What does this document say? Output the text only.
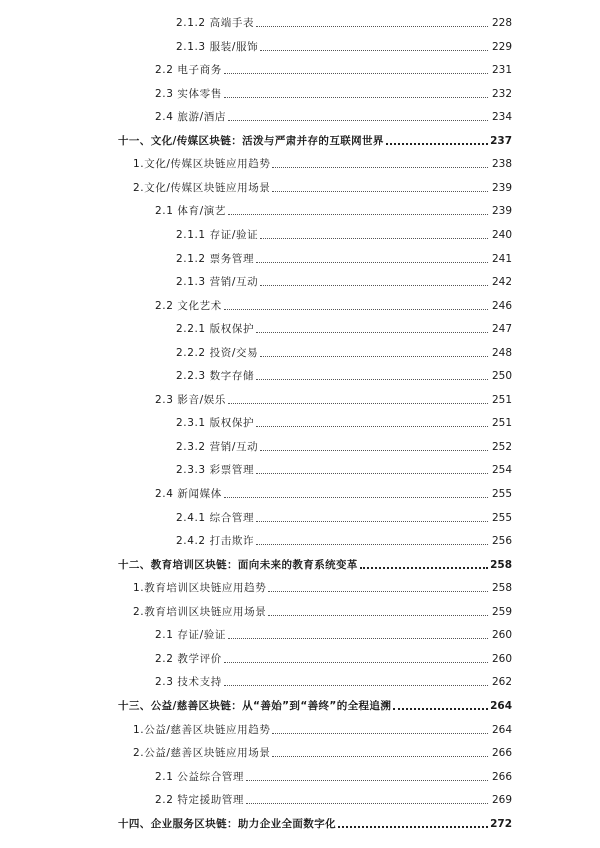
2.1.2 高端手表	228
2.1.3 服装/服饰	229
2.2 电子商务	231
2.3 实体零售	232
2.4 旅游/酒店	234
十一、文化/传媒区块链：活泼与严肃并存的互联网世界	237
1.文化/传媒区块链应用趋势	238
2.文化/传媒区块链应用场景	239
2.1 体育/演艺	239
2.1.1 存证/验证	240
2.1.2 票务管理	241
2.1.3 营销/互动	242
2.2 文化艺术	246
2.2.1 版权保护	247
2.2.2 投资/交易	248
2.2.3 数字存储	250
2.3 影音/娱乐	251
2.3.1 版权保护	251
2.3.2 营销/互动	252
2.3.3 彩票管理	254
2.4 新闻媒体	255
2.4.1 综合管理	255
2.4.2 打击欺诈	256
十二、教育培训区块链：面向未来的教育系统变革	258
1.教育培训区块链应用趋势	258
2.教育培训区块链应用场景	259
2.1 存证/验证	260
2.2 教学评价	260
2.3 技术支持	262
十三、公益/慈善区块链：从“善始”到“善终”的全程追溯	264
1.公益/慈善区块链应用趋势	264
2.公益/慈善区块链应用场景	266
2.1 公益综合管理	266
2.2 特定援助管理	269
十四、企业服务区块链：助力企业全面数字化	272
